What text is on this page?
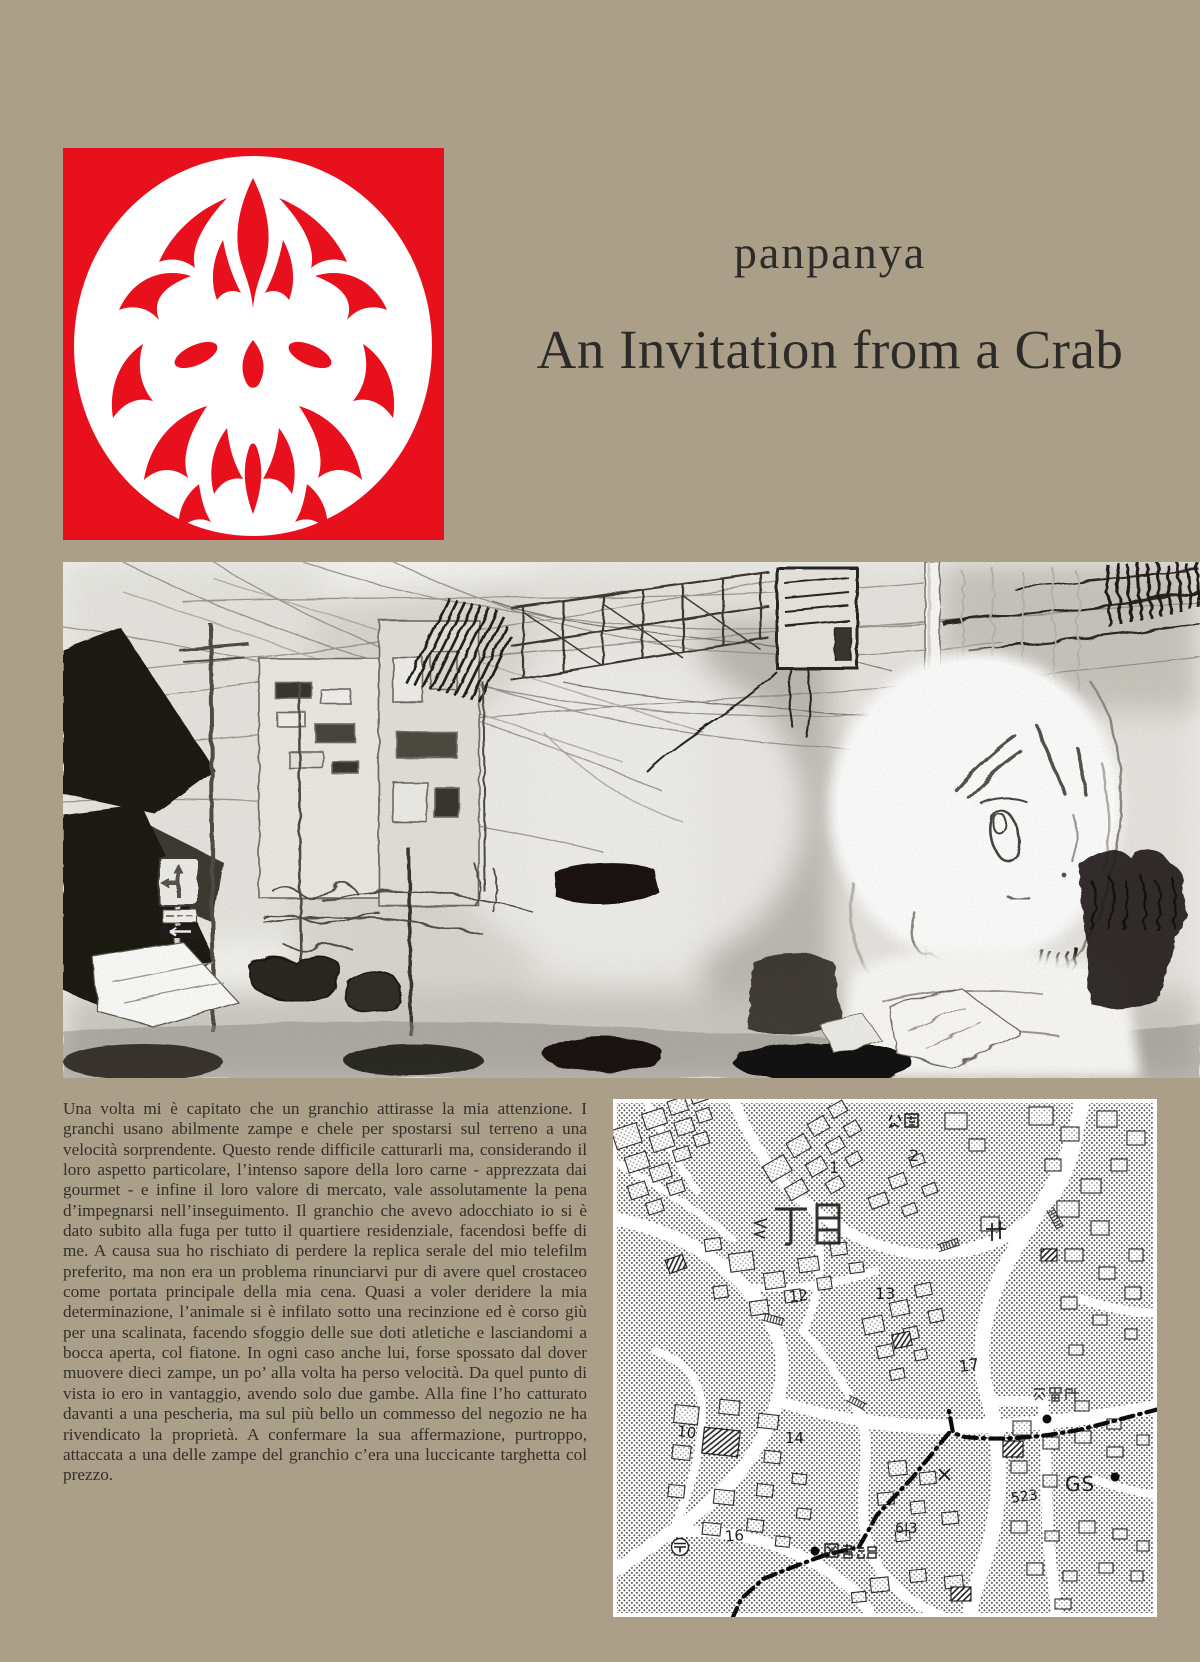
panpanya
An Invitation from a Crab

Una volta mi è capitato che un granchio attirasse la mia attenzione. I granchi usano abilmente zampe e chele per spostarsi sul terreno a una velocità sorprendente. Questo rende difficile catturarli ma, considerando il loro aspetto particolare, l’intenso sapore della loro carne - apprezzata dai gourmet - e infine il loro valore di mercato, vale assolutamente la pena d’impegnarsi nell’inseguimento. Il granchio che avevo adocchiato io si è dato subito alla fuga per tutto il quartiere residenziale, facendosi beffe di me. A causa sua ho rischiato di perdere la replica serale del mio telefilm preferito, ma non era un problema rinunciarvi pur di avere quel crostaceo come portata principale della mia cena. Quasi a voler deridere la mia determinazione, l’animale si è infilato sotto una recinzione ed è corso giù per una scalinata, facendo sfoggio delle sue doti atletiche e lasciandomi a bocca aperta, col fiatone. In ogni caso anche lui, forse spossato dal dover muovere dieci zampe, un po’ alla volta ha perso velocità. Da quel punto di vista io ero in vantaggio, avendo solo due gambe. Alla fine l’ho catturato davanti a una pescheria, ma sul più bello un commesso del negozio ne ha rivendicato la proprietà. A confermare la sua affermazione, purtroppo, attaccata a una delle zampe del granchio c’era una luccicante targhetta col prezzo.

2
1
12	13
17
10	14
523
GS
6|3
16
